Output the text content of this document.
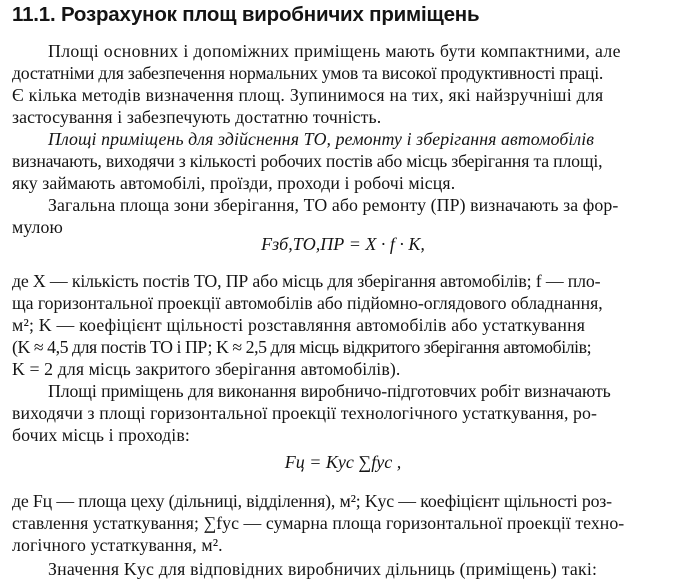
11.1. Розрахунок площ виробничих приміщень
Площі основних і допоміжних приміщень мають бути компактними, але
достатніми для забезпечення нормальних умов та високої продуктивності праці.
Є кілька методів визначення площ. Зупинимося на тих, які найзручніші для
застосування і забезпечують достатню точність.
Площі приміщень для здійснення ТО, ремонту і зберігання автомобілів
визначають, виходячи з кількості робочих постів або місць зберігання та площі,
яку займають автомобілі, проїзди, проходи і робочі місця.
Загальна площа зони зберігання, ТО або ремонту (ПР) визначають за фор-
мулою
Fзб,ТО,ПР = X · f · K,
де X — кількість постів ТО, ПР або місць для зберігання автомобілів; f — пло-
ща горизонтальної проекції автомобілів або підйомно-оглядового обладнання,
м²; K — коефіцієнт щільності розставляння автомобілів або устаткування
(K ≈ 4,5 для постів ТО і ПР; K ≈ 2,5 для місць відкритого зберігання автомобілів;
K = 2 для місць закритого зберігання автомобілів).
Площі приміщень для виконання виробничо-підготовчих робіт визначають
виходячи з площі горизонтальної проекції технологічного устаткування, ро-
бочих місць і проходів:
Fц = Kус ∑fус ,
де Fц — площа цеху (дільниці, відділення), м²; Kус — коефіцієнт щільності роз-
ставлення устаткування; ∑fус — сумарна площа горизонтальної проекції техно-
логічного устаткування, м².
Значення Kус для відповідних виробничих дільниць (приміщень) такі:
